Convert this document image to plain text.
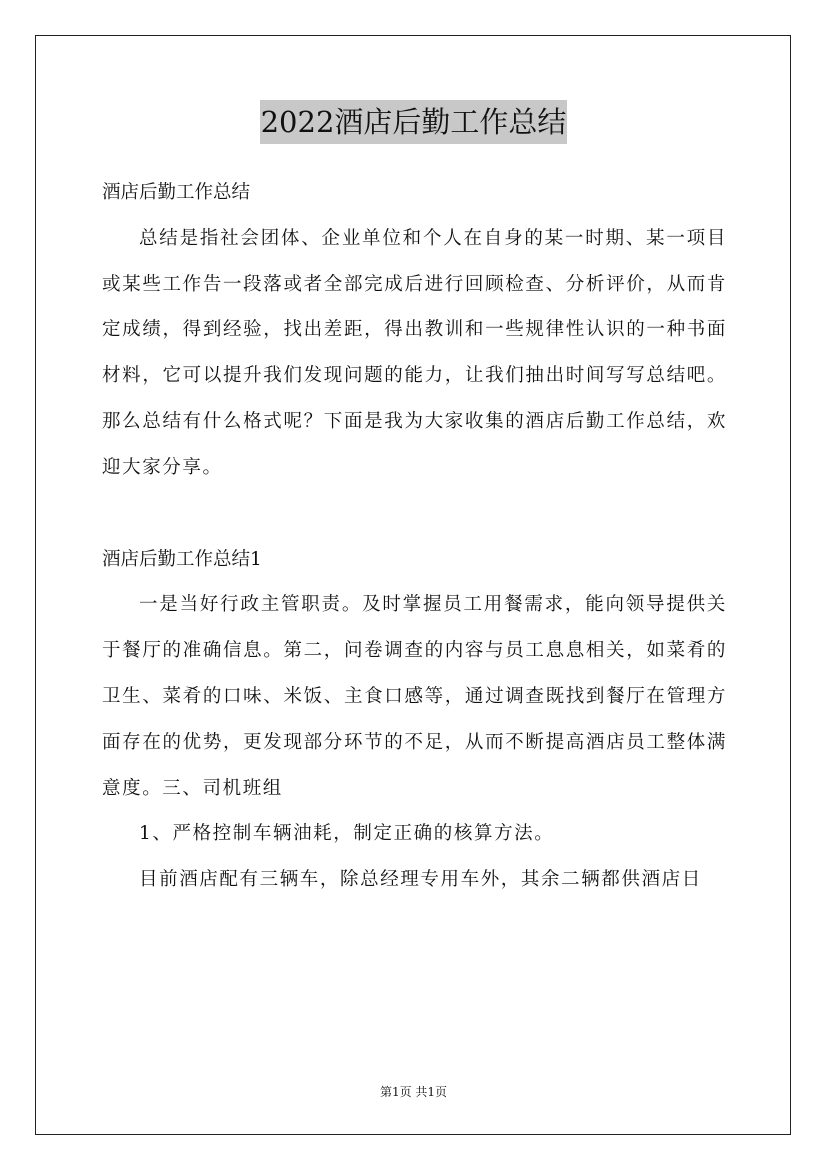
2022酒店后勤工作总结

酒店后勤工作总结

总结是指社会团体、企业单位和个人在自身的某一时期、某一项目或某些工作告一段落或者全部完成后进行回顾检查、分析评价，从而肯定成绩，得到经验，找出差距，得出教训和一些规律性认识的一种书面材料，它可以提升我们发现问题的能力，让我们抽出时间写写总结吧。那么总结有什么格式呢？下面是我为大家收集的酒店后勤工作总结，欢迎大家分享。

酒店后勤工作总结1

一是当好行政主管职责。及时掌握员工用餐需求，能向领导提供关于餐厅的准确信息。第二，问卷调查的内容与员工息息相关，如菜肴的卫生、菜肴的口味、米饭、主食口感等，通过调查既找到餐厅在管理方面存在的优势，更发现部分环节的不足，从而不断提高酒店员工整体满意度。三、司机班组

1、严格控制车辆油耗，制定正确的核算方法。

目前酒店配有三辆车，除总经理专用车外，其余二辆都供酒店日

第1页 共1页
